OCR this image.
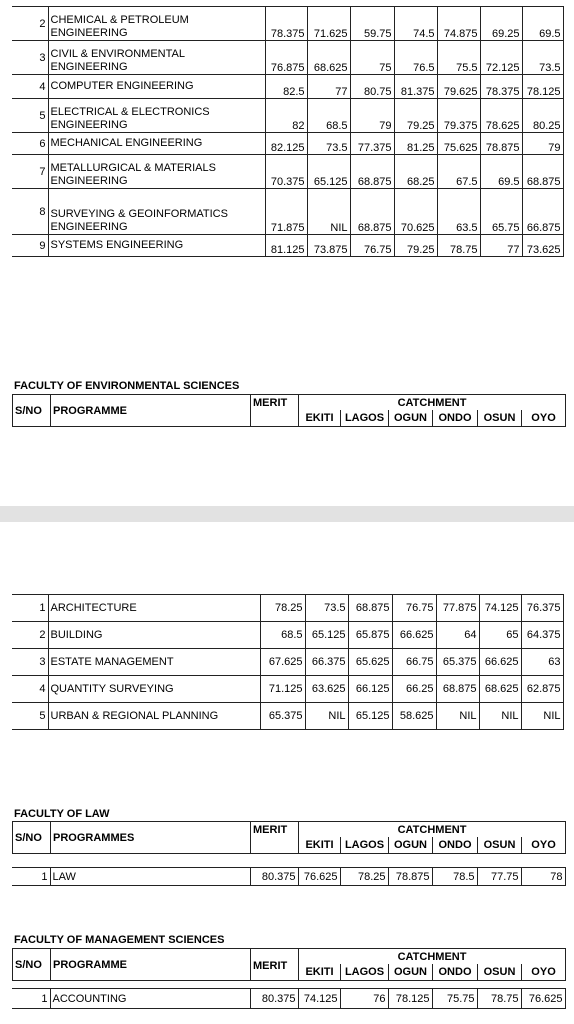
2	CHEMICAL & PETROLEUM
ENGINEERING	78.375	71.625	59.75	74.5	74.875	69.25	69.5
3	CIVIL & ENVIRONMENTAL
ENGINEERING	76.875	68.625	75	76.5	75.5	72.125	73.5
4	COMPUTER ENGINEERING	82.5	77	80.75	81.375	79.625	78.375	78.125
5	ELECTRICAL & ELECTRONICS
ENGINEERING	82	68.5	79	79.25	79.375	78.625	80.25
6	MECHANICAL ENGINEERING	82.125	73.5	77.375	81.25	75.625	78.875	79
7	METALLURGICAL & MATERIALS
ENGINEERING	70.375	65.125	68.875	68.25	67.5	69.5	68.875
8	SURVEYING & GEOINFORMATICS
ENGINEERING	71.875	NIL	68.875	70.625	63.5	65.75	66.875
9	SYSTEMS ENGINEERING	81.125	73.875	76.75	79.25	78.75	77	73.625
FACULTY OF ENVIRONMENTAL SCIENCES
S/NO	PROGRAMME	MERIT	CATCHMENT					
			EKITI	LAGOS	OGUN	ONDO	OSUN	OYO
1	ARCHITECTURE	78.25	73.5	68.875	76.75	77.875	74.125	76.375
2	BUILDING	68.5	65.125	65.875	66.625	64	65	64.375
3	ESTATE MANAGEMENT	67.625	66.375	65.625	66.75	65.375	66.625	63
4	QUANTITY SURVEYING	71.125	63.625	66.125	66.25	68.875	68.625	62.875
5	URBAN & REGIONAL PLANNING	65.375	NIL	65.125	58.625	NIL	NIL	NIL
FACULTY OF LAW
S/NO	PROGRAMMES	MERIT	CATCHMENT					
			EKITI	LAGOS	OGUN	ONDO	OSUN	OYO
1	LAW	80.375	76.625	78.25	78.875	78.5	77.75	78
FACULTY OF MANAGEMENT SCIENCES
S/NO	PROGRAMME	MERIT	CATCHMENT					
			EKITI	LAGOS	OGUN	ONDO	OSUN	OYO
1	ACCOUNTING	80.375	74.125	76	78.125	75.75	78.75	76.625
